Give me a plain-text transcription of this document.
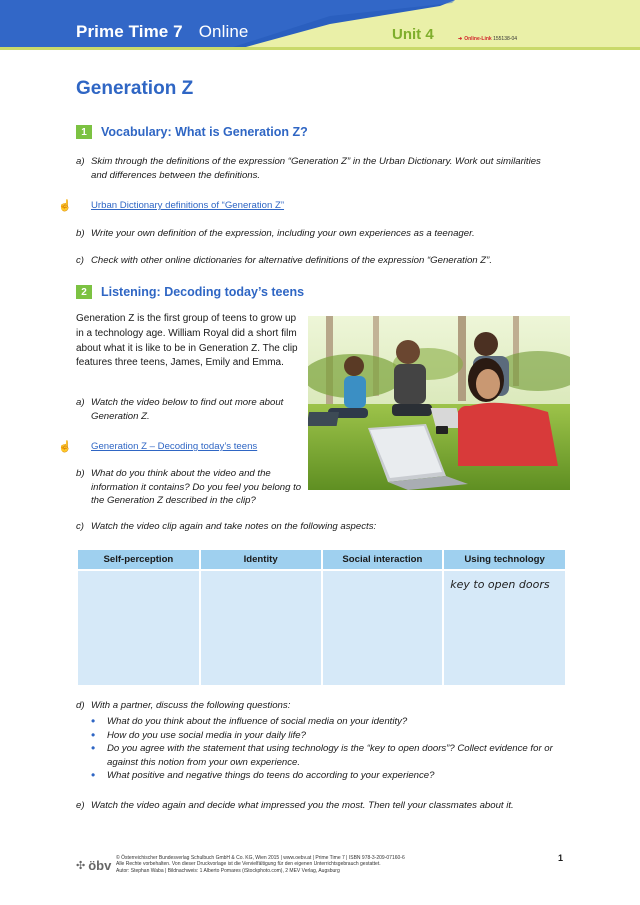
Prime Time 7 Online	Unit 4	➜ Online-Link 155138-04
Generation Z
1	Vocabulary: What is Generation Z?
a) Skim through the definitions of the expression “Generation Z” in the Urban Dictionary. Work out similarities and differences between the definitions.
☝	Urban Dictionary definitions of “Generation Z”
b) Write your own definition of the expression, including your own experiences as a teenager.
c) Check with other online dictionaries for alternative definitions of the expression “Generation Z”.
2	Listening: Decoding today’s teens
Generation Z is the first group of teens to grow up in a technology age. William Royal did a short film about what it is like to be in Generation Z. The clip features three teens, James, Emily and Emma.
a) Watch the video below to find out more about Generation Z.
☝	Generation Z – Decoding today’s teens
b) What do you think about the video and the information it contains? Do you feel you belong to the Generation Z described in the clip?
c) Watch the video clip again and take notes on the following aspects:
Self-perception	Identity	Social interaction	Using technology
			key to open doors
d) With a partner, discuss the following questions:
• What do you think about the influence of social media on your identity?
• How do you use social media in your daily life?
• Do you agree with the statement that using technology is the “key to open doors”? Collect evidence for or against this notion from your own experience.
• What positive and negative things do teens do according to your experience?
e) Watch the video again and decide what impressed you the most. Then tell your classmates about it.
✣ öbv © Österreichischer Bundesverlag Schulbuch GmbH & Co. KG, Wien 2015 | www.oebv.at | Prime Time 7 | ISBN 978-3-209-07160-6
Alle Rechte vorbehalten. Von dieser Druckvorlage ist die Vervielfältigung für den eigenen Unterrichtsgebrauch gestattet.
Autor: Stephan Waba | Bildnachweis: 1 Alberto Pomares (iStockphoto.com), 2 MEV Verlag, Augsburg
1
